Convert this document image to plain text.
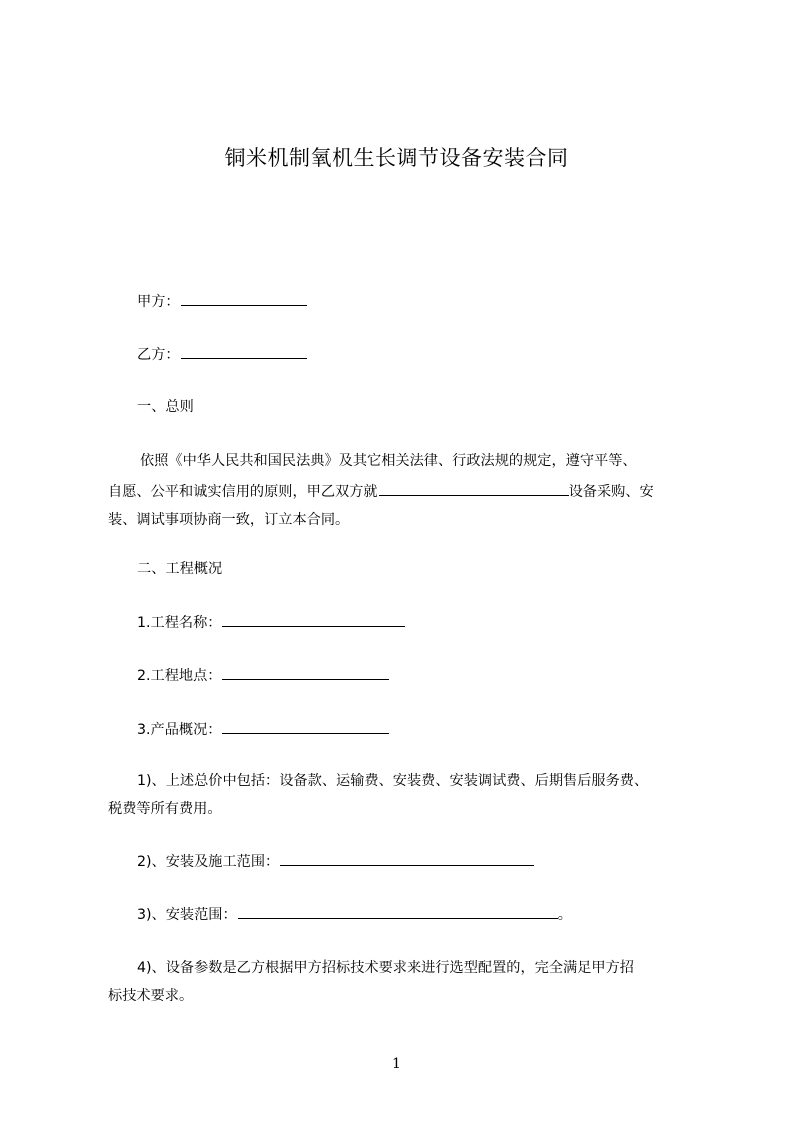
铜米机制氧机生长调节设备安装合同
甲方：
乙方：
一、总则
依照《中华人民共和国民法典》及其它相关法律、行政法规的规定，遵守平等、
自愿、公平和诚实信用的原则，甲乙双方就	设备采购、安
装、调试事项协商一致，订立本合同。
二、工程概况
1.工程名称：
2.工程地点：
3.产品概况：
1)、上述总价中包括：设备款、运输费、安装费、安装调试费、后期售后服务费、
税费等所有费用。
2)、安装及施工范围：
3)、安装范围：	。
4)、设备参数是乙方根据甲方招标技术要求来进行选型配置的，完全满足甲方招
标技术要求。
1
